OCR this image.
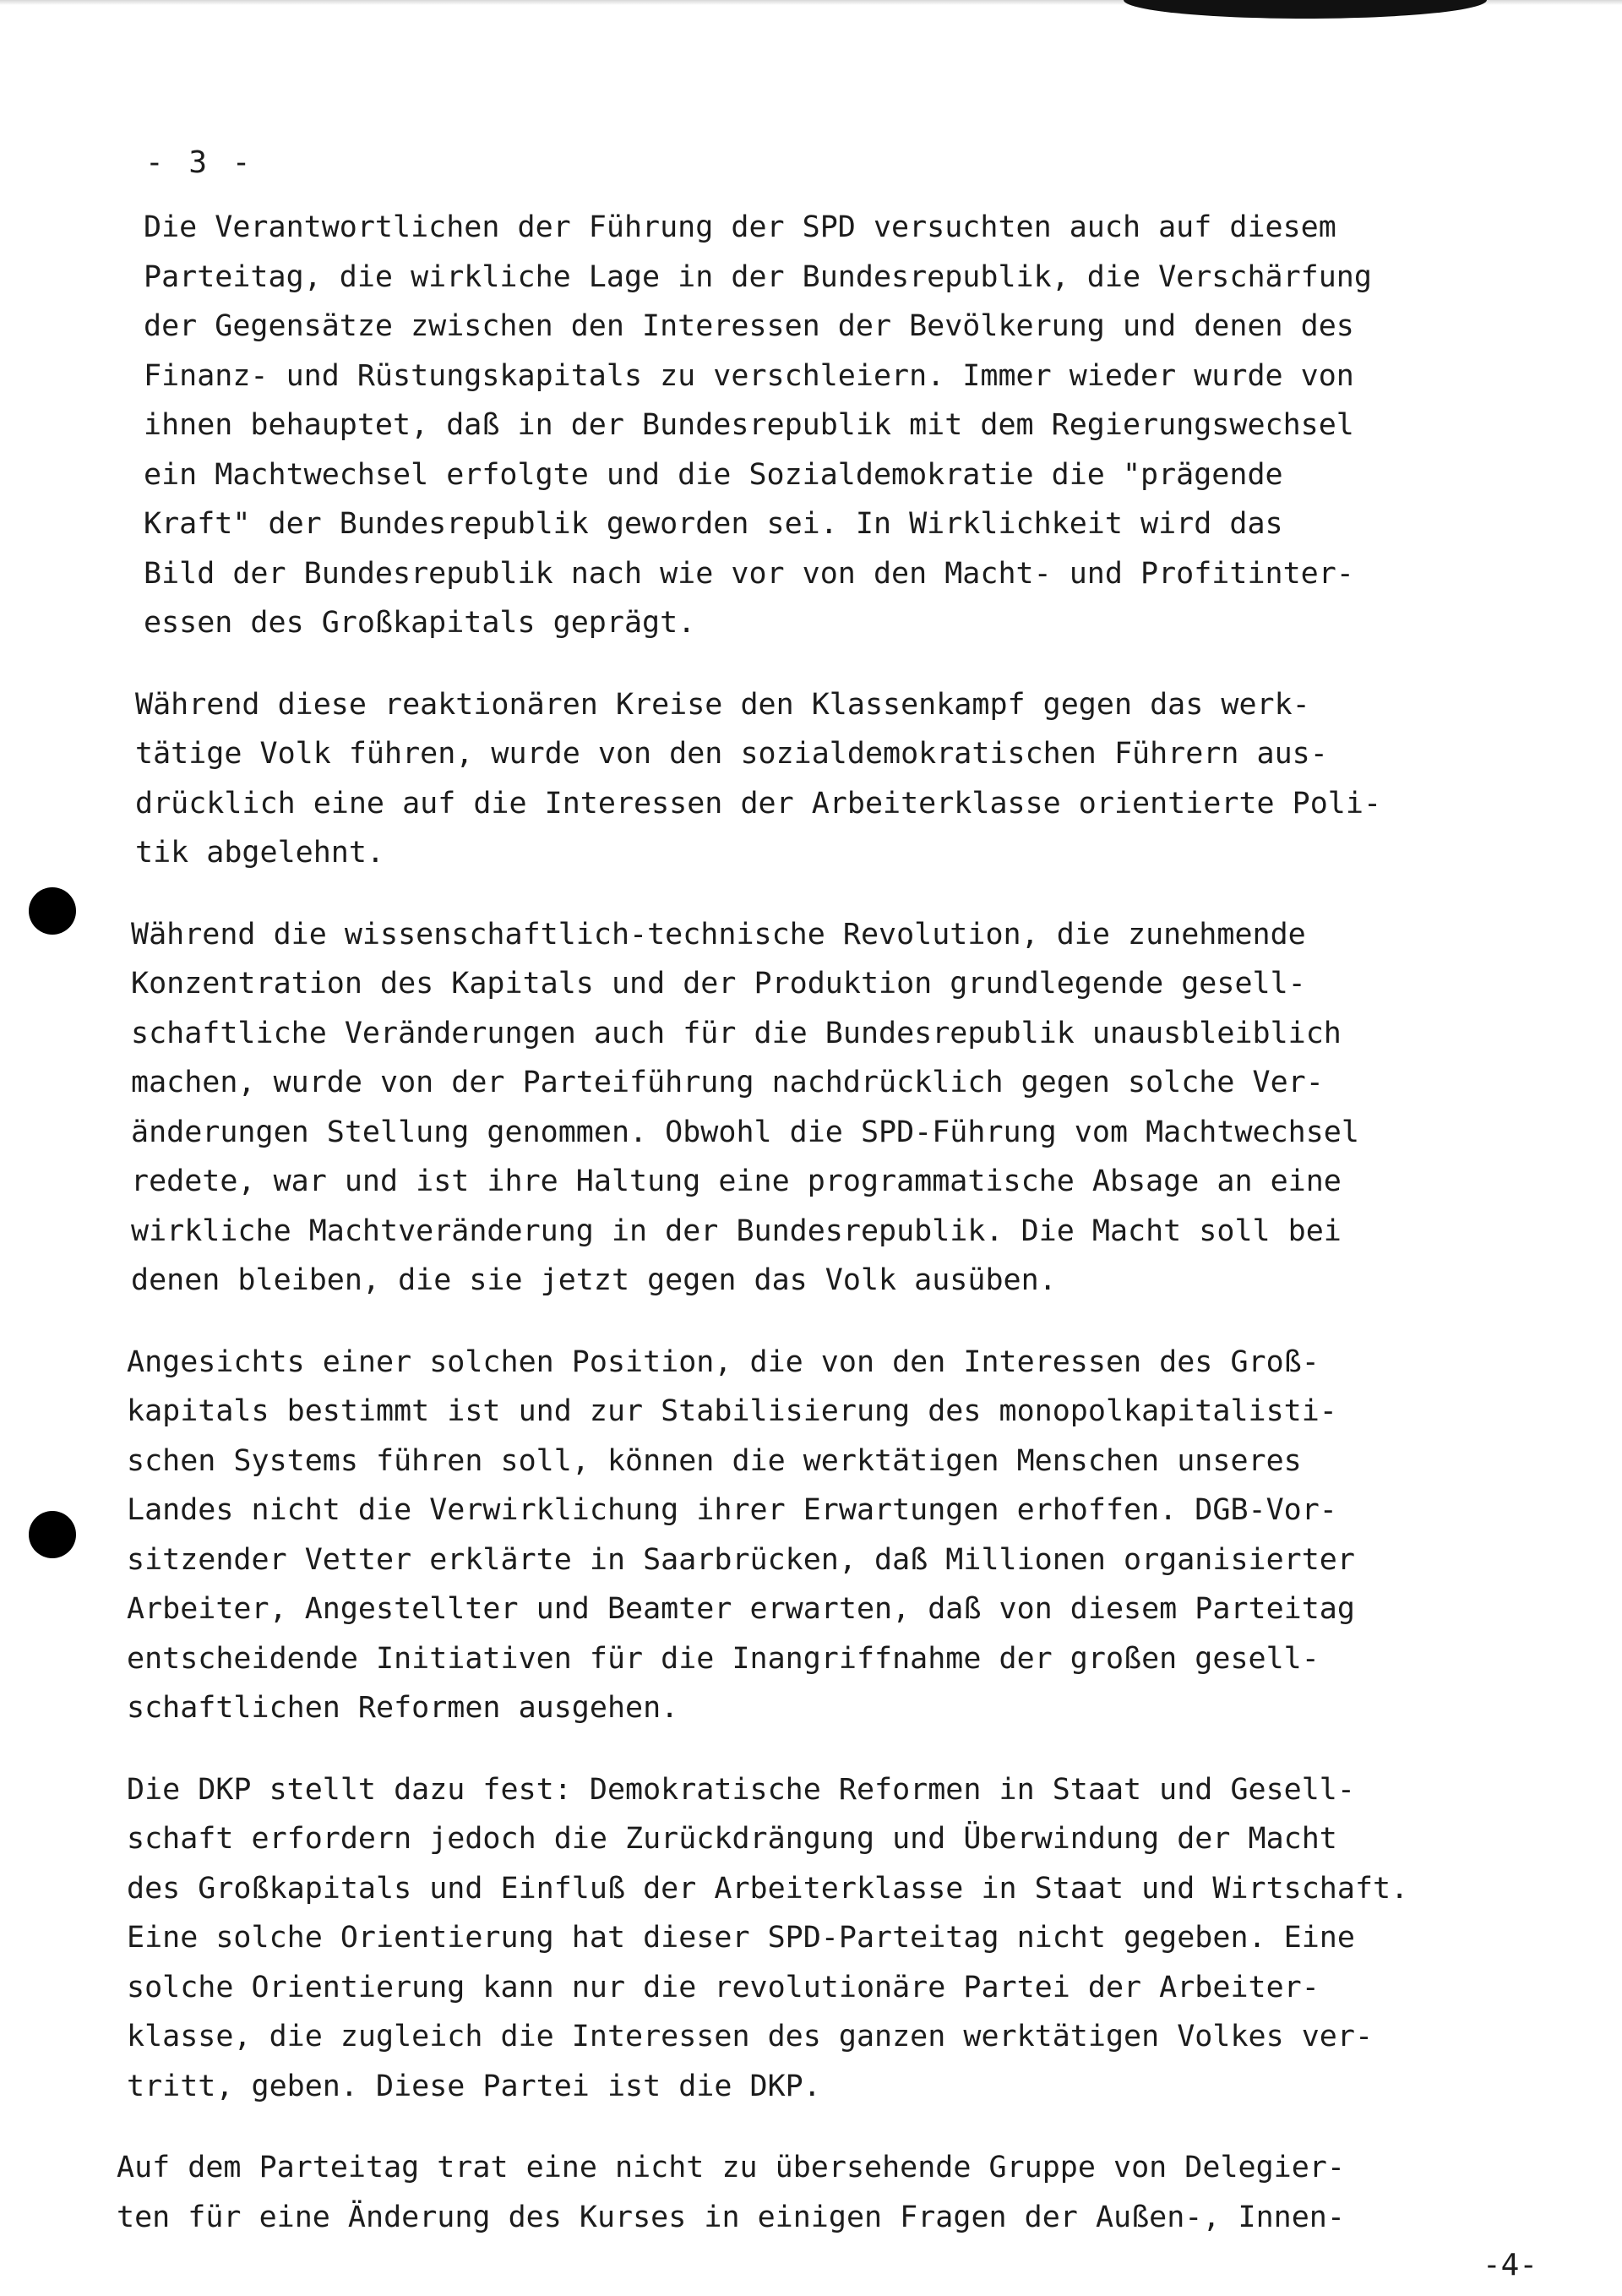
- 3 -

Die Verantwortlichen der Führung der SPD versuchten auch auf diesem
Parteitag, die wirkliche Lage in der Bundesrepublik, die Verschärfung
der Gegensätze zwischen den Interessen der Bevölkerung und denen des
Finanz- und Rüstungskapitals zu verschleiern. Immer wieder wurde von
ihnen behauptet, daß in der Bundesrepublik mit dem Regierungswechsel
ein Machtwechsel erfolgte und die Sozialdemokratie die "prägende
Kraft" der Bundesrepublik geworden sei. In Wirklichkeit wird das
Bild der Bundesrepublik nach wie vor von den Macht- und Profitinter-
essen des Großkapitals geprägt.

Während diese reaktionären Kreise den Klassenkampf gegen das werk-
tätige Volk führen, wurde von den sozialdemokratischen Führern aus-
drücklich eine auf die Interessen der Arbeiterklasse orientierte Poli-
tik abgelehnt.

Während die wissenschaftlich-technische Revolution, die zunehmende
Konzentration des Kapitals und der Produktion grundlegende gesell-
schaftliche Veränderungen auch für die Bundesrepublik unausbleiblich
machen, wurde von der Parteiführung nachdrücklich gegen solche Ver-
änderungen Stellung genommen. Obwohl die SPD-Führung vom Machtwechsel
redete, war und ist ihre Haltung eine programmatische Absage an eine
wirkliche Machtveränderung in der Bundesrepublik. Die Macht soll bei
denen bleiben, die sie jetzt gegen das Volk ausüben.

Angesichts einer solchen Position, die von den Interessen des Groß-
kapitals bestimmt ist und zur Stabilisierung des monopolkapitalisti-
schen Systems führen soll, können die werktätigen Menschen unseres
Landes nicht die Verwirklichung ihrer Erwartungen erhoffen. DGB-Vor-
sitzender Vetter erklärte in Saarbrücken, daß Millionen organisierter
Arbeiter, Angestellter und Beamter erwarten, daß von diesem Parteitag
entscheidende Initiativen für die Inangriffnahme der großen gesell-
schaftlichen Reformen ausgehen.

Die DKP stellt dazu fest: Demokratische Reformen in Staat und Gesell-
schaft erfordern jedoch die Zurückdrängung und Überwindung der Macht
des Großkapitals und Einfluß der Arbeiterklasse in Staat und Wirtschaft.
Eine solche Orientierung hat dieser SPD-Parteitag nicht gegeben. Eine
solche Orientierung kann nur die revolutionäre Partei der Arbeiter-
klasse, die zugleich die Interessen des ganzen werktätigen Volkes ver-
tritt, geben. Diese Partei ist die DKP.

Auf dem Parteitag trat eine nicht zu übersehende Gruppe von Delegier-
ten für eine Änderung des Kurses in einigen Fragen der Außen-, Innen-

-4-
